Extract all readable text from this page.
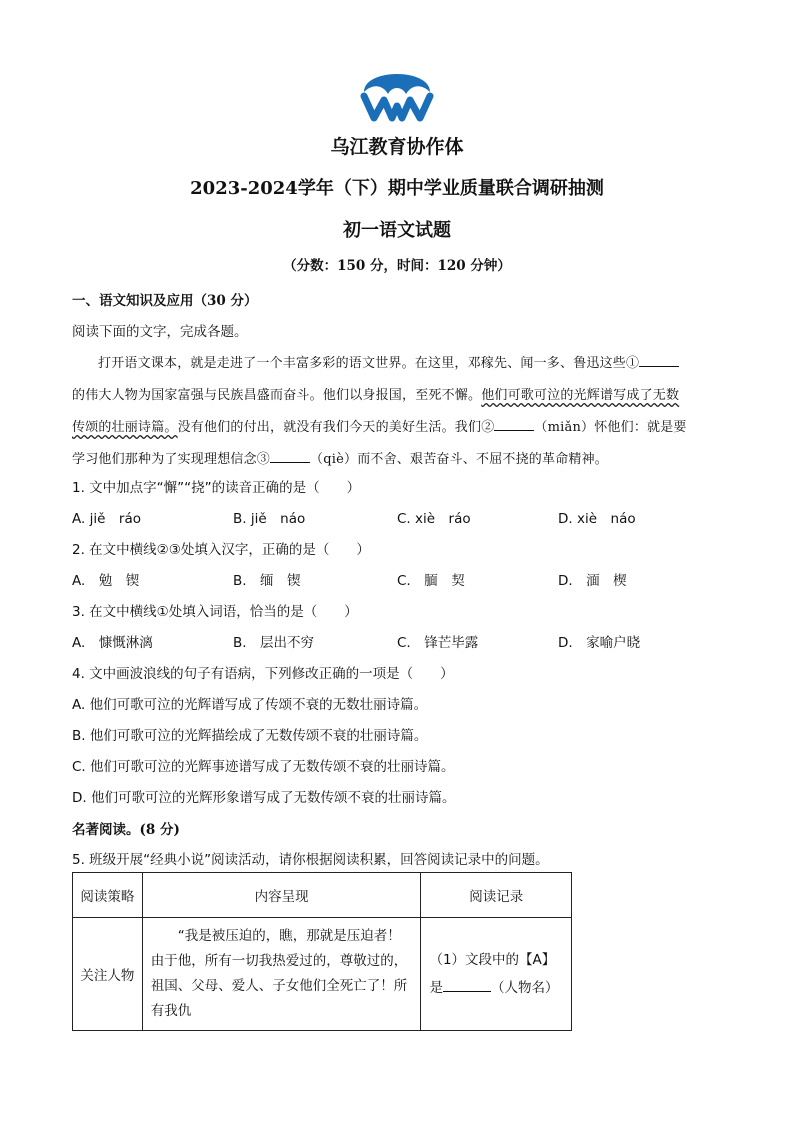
乌江教育协作体
2023-2024学年（下）期中学业质量联合调研抽测
初一语文试题
（分数：150 分，时间：120 分钟）
一、语文知识及应用（30 分）
阅读下面的文字，完成各题。
打开语文课本，就是走进了一个丰富多彩的语文世界。在这里，邓稼先、闻一多、鲁迅这些①
的伟大人物为国家富强与民族昌盛而奋斗。他们以身报国，至死不懈。他们可歌可泣的光辉谱写成了无数
传颂的壮丽诗篇。没有他们的付出，就没有我们今天的美好生活。我们②	（miǎn）怀他们：就是要
学习他们那种为了实现理想信念③	（qiè）而不舍、艰苦奋斗、不屈不挠的革命精神。
1. 文中加点字“懈”“挠”的读音正确的是（　　）
A. jiě　ráo	B. jiě　náo	C. xiè　ráo	D. xiè　náo
2. 在文中横线②③处填入汉字，正确的是（　　）
A.　勉　锲	B.　缅　锲	C.　腼　契	D.　湎　楔
3. 在文中横线①处填入词语，恰当的是（　　）
A.　慷慨淋漓	B.　层出不穷	C.　锋芒毕露	D.　家喻户晓
4. 文中画波浪线的句子有语病，下列修改正确的一项是（　　）
A. 他们可歌可泣的光辉谱写成了传颂不衰的无数壮丽诗篇。
B. 他们可歌可泣的光辉描绘成了无数传颂不衰的壮丽诗篇。
C. 他们可歌可泣的光辉事迹谱写成了无数传颂不衰的壮丽诗篇。
D. 他们可歌可泣的光辉形象谱写成了无数传颂不衰的壮丽诗篇。
名著阅读。(8 分)
5. 班级开展“经典小说”阅读活动，请你根据阅读积累，回答阅读记录中的问题。
阅读策略	内容呈现	阅读记录
关注人物	“我是被压迫的，瞧，那就是压迫者！由于他，所有一切我热爱过的，尊敬过的，祖国、父母、爱人、子女他们全死亡了！所有我仇	（1）文段中的【A】
是 （人物名）
